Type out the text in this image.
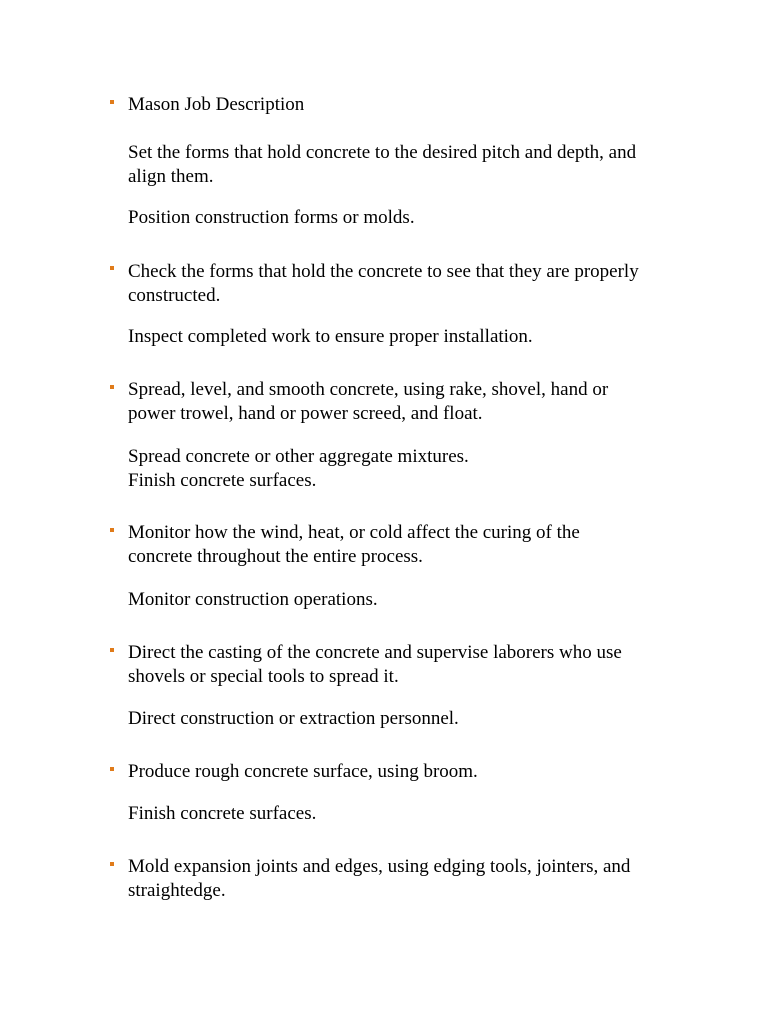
Mason Job Description
Set the forms that hold concrete to the desired pitch and depth, and
align them.
Position construction forms or molds.
Check the forms that hold the concrete to see that they are properly
constructed.
Inspect completed work to ensure proper installation.
Spread, level, and smooth concrete, using rake, shovel, hand or
power trowel, hand or power screed, and float.
Spread concrete or other aggregate mixtures.
Finish concrete surfaces.
Monitor how the wind, heat, or cold affect the curing of the
concrete throughout the entire process.
Monitor construction operations.
Direct the casting of the concrete and supervise laborers who use
shovels or special tools to spread it.
Direct construction or extraction personnel.
Produce rough concrete surface, using broom.
Finish concrete surfaces.
Mold expansion joints and edges, using edging tools, jointers, and
straightedge.
